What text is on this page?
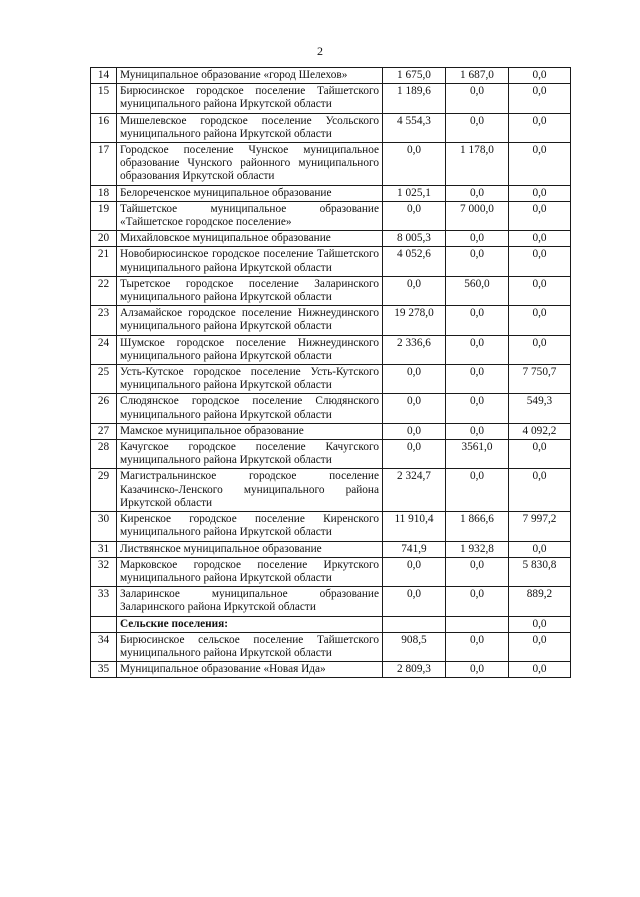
2
14	Муниципальное образование «город Шелехов»	1 675,0	1 687,0	0,0
15	Бирюсинское городское поселение Тайшетского муниципального района Иркутской области	1 189,6	0,0	0,0
16	Мишелевское городское поселение Усольского муниципального района Иркутской области	4 554,3	0,0	0,0
17	Городское поселение Чунское муниципальное образование Чунского районного муниципального образования Иркутской области	0,0	1 178,0	0,0
18	Белореченское муниципальное образование	1 025,1	0,0	0,0
19	Тайшетское муниципальное образование «Тайшетское городское поселение»	0,0	7 000,0	0,0
20	Михайловское муниципальное образование	8 005,3	0,0	0,0
21	Новобирюсинское городское поселение Тайшетского муниципального района Иркутской области	4 052,6	0,0	0,0
22	Тыретское городское поселение Заларинского муниципального района Иркутской области	0,0	560,0	0,0
23	Алзамайское городское поселение Нижнеудинского муниципального района Иркутской области	19 278,0	0,0	0,0
24	Шумское городское поселение Нижнеудинского муниципального района Иркутской области	2 336,6	0,0	0,0
25	Усть-Кутское городское поселение Усть-Кутского муниципального района Иркутской области	0,0	0,0	7 750,7
26	Слюдянское городское поселение Слюдянского муниципального района Иркутской области	0,0	0,0	549,3
27	Мамское муниципальное образование	0,0	0,0	4 092,2
28	Качугское городское поселение Качугского муниципального района Иркутской области	0,0	3561,0	0,0
29	Магистральнинское городское поселение Казачинско-Ленского муниципального района Иркутской области	2 324,7	0,0	0,0
30	Киренское городское поселение Киренского муниципального района Иркутской области	11 910,4	1 866,6	7 997,2
31	Листвянское муниципальное образование	741,9	1 932,8	0,0
32	Марковское городское поселение Иркутского муниципального района Иркутской области	0,0	0,0	5 830,8
33	Заларинское муниципальное образование Заларинского района Иркутской области	0,0	0,0	889,2
	Сельские поселения:			0,0
34	Бирюсинское сельское поселение Тайшетского муниципального района Иркутской области	908,5	0,0	0,0
35	Муниципальное образование «Новая Ида»	2 809,3	0,0	0,0
